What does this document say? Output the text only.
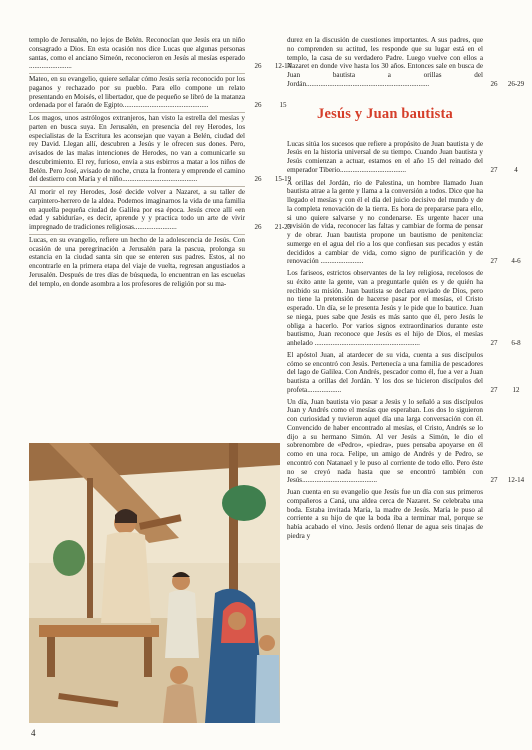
templo de Jerusalén, no lejos de Belén. Reconocían que Jesús era un niño consagrado a Dios. En esta ocasión nos dice Lucas que algunas personas santas, como el anciano Simeón, reconocieron en Jesús al mesías esperado ........................	26	12-14
Mateo, en su evangelio, quiere señalar cómo Jesús sería reconocido por los paganos y rechazado por su pueblo. Para ello compone un relato presentando en Moisés, el libertador, que de pequeño se libró de la matanza ordenada por el faraón de Egipto................................................	26	15
Los magos, unos astrólogos extranjeros, han visto la estrella del mesías y parten en busca suya. En Jerusalén, en presencia del rey Herodes, los especialistas de la Escritura les aconsejan que vayan a Belén, ciudad del rey David. Llegan allí, descubren a Jesús y le ofrecen sus dones. Pero, avisados de las malas intenciones de Herodes, no van a comunicarle su descubrimiento. El rey, furioso, envía a sus esbirros a matar a los niños de Belén. Pero José, avisado de noche, cruza la frontera y emprende el camino del destierro con María y el niño..........................................	26	15-19
Al morir el rey Herodes, José decide volver a Nazaret, a su taller de carpintero-herrero de la aldea. Podemos imaginarnos la vida de una familia en aquella pequeña ciudad de Galilea por esa época. Jesús crece allí «en edad y sabiduría», es decir, aprende y y practica todo un arte de vivir impregnado de tradiciones religiosas........................	26	21-23
Lucas, en su evangelio, refiere un hecho de la adolescencia de Jesús. Con ocasión de una peregrinación a Jerusalén para la pascua, prolonga su estancia en la ciudad santa sin que se enteren sus padres. Estos, al no encontrarle en la primera etapa del viaje de vuelta, regresan angustiados a Jerusalén. Después de tres días de búsqueda, lo encuentran en las escuelas del templo, en donde asombra a los profesores de religión por su ma-
durez en la discusión de cuestiones importantes. A sus padres, que no comprenden su actitud, les responde que su lugar está en el templo, la casa de su verdadero Padre. Luego vuelve con ellos a Nazaret en donde vive hasta los 30 años. Entonces sale en busca de Juan bautista a orillas del Jordán.....................................................................	26	26-29
Jesús y Juan bautista
Lucas sitúa los sucesos que refiere a propósito de Juan bautista y de Jesús en la historia universal de su tiempo. Cuando Juan bautista y Jesús comienzan a actuar, estamos en el año 15 del reinado del emperador Tiberio.....................................	27	4
A orillas del Jordán, río de Palestina, un hombre llamado Juan bautista atrae a la gente y llama a la conversión a todos. Dice que ha llegado el mesías y con él el día del juicio decisivo del mundo y de la completa renovación de la tierra. Es hora de prepararse para ello, si uno quiere salvarse y no condenarse. Es urgente hacer una revisión de vida, reconocer las faltas y cambiar de forma de pensar y de obrar. Juan bautista propone un bautismo de penitencia: sumerge en el agua del río a los que confiesan sus pecados y están decididos a cambiar de vida, como signo de purificación y de renovación ........................	27	4-6
Los fariseos, estrictos observantes de la ley religiosa, recelosos de su éxito ante la gente, van a preguntarle quién es y de quién ha recibido su misión. Juan bautista se declara enviado de Dios, pero no tiene la pretensión de hacerse pasar por el mesías, el Cristo esperado. Un día, se le presenta Jesús y le pide que lo bautice. Juan se niega, pues sabe que Jesús es más santo que él, pero Jesús le obliga a hacerlo. Por varios signos extraordinarios durante este bautismo, Juan reconoce que Jesús es el hijo de Dios, el mesías anhelado ...........................................................	27	6-8
El apóstol Juan, al atardecer de su vida, cuenta a sus discípulos cómo se encontró con Jesús. Pertenecía a una familia de pescadores del lago de Galilea. Con Andrés, pescador como él, fue a ver a Juan bautista a orillas del Jordán. Y los dos se hicieron discípulos del profeta...................	27	12
Un día, Juan bautista vio pasar a Jesús y lo señaló a sus discípulos Juan y Andrés como el mesías que esperaban. Los dos lo siguieron con curiosidad y tuvieron aquel día una larga conversación con él. Convencido de haber encontrado al mesías, el Cristo, Andrés se lo dijo a su hermano Simón. Al ver Jesús a Simón, le dio el sobrenombre de «Pedro», «piedra», pues pensaba apoyarse en él como en una roca. Felipe, un amigo de Andrés y de Pedro, se encontró con Natanael y le puso al corriente de todo ello. Pero éste no se creyó nada hasta que se encontró también con Jesús..........................................	27	12-14
Juan cuenta en su evangelio que Jesús fue un día con sus primeros compañeros a Caná, una aldea cerca de Nazaret. Se celebraba una boda. Estaba invitada María, la madre de Jesús. María le puso al corriente a su hijo de que la boda iba a terminar mal, porque se había acabado el vino. Jesús ordenó llenar de agua seis tinajas de piedra y
4
